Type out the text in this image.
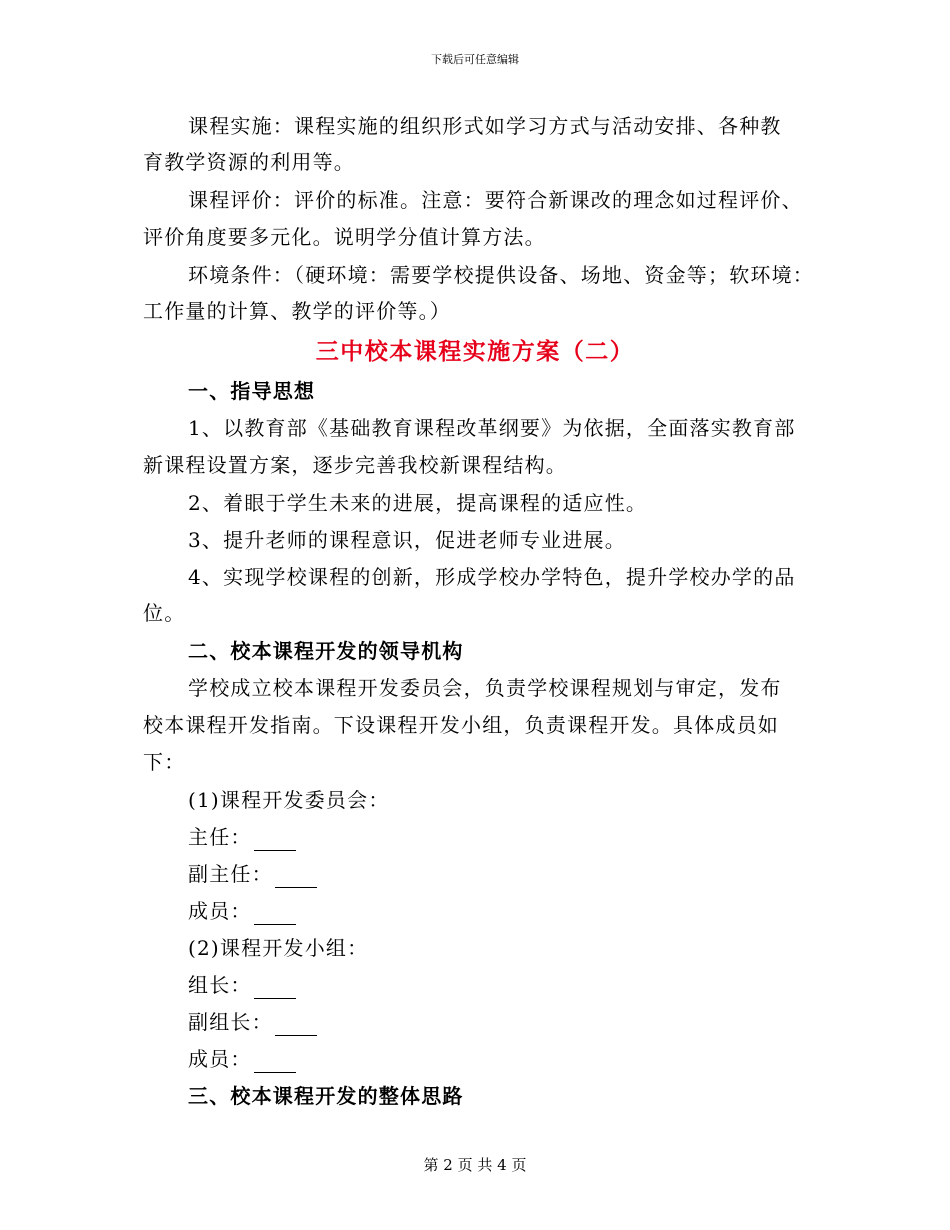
下载后可任意编辑
课程实施：课程实施的组织形式如学习方式与活动安排、各种教
育教学资源的利用等。
课程评价：评价的标准。注意：要符合新课改的理念如过程评价、
评价角度要多元化。说明学分值计算方法。
环境条件：（硬环境：需要学校提供设备、场地、资金等；软环境：
工作量的计算、教学的评价等。）
三中校本课程实施方案（二）
一、指导思想
1、以教育部《基础教育课程改革纲要》为依据，全面落实教育部
新课程设置方案，逐步完善我校新课程结构。
2、着眼于学生未来的进展，提高课程的适应性。
3、提升老师的课程意识，促进老师专业进展。
4、实现学校课程的创新，形成学校办学特色，提升学校办学的品
位。
二、校本课程开发的领导机构
学校成立校本课程开发委员会，负责学校课程规划与审定，发布
校本课程开发指南。下设课程开发小组，负责课程开发。具体成员如
下：
(1)课程开发委员会：
主任：
副主任：
成员：
(2)课程开发小组：
组长：
副组长：
成员：
三、校本课程开发的整体思路
第 2 页 共 4 页
